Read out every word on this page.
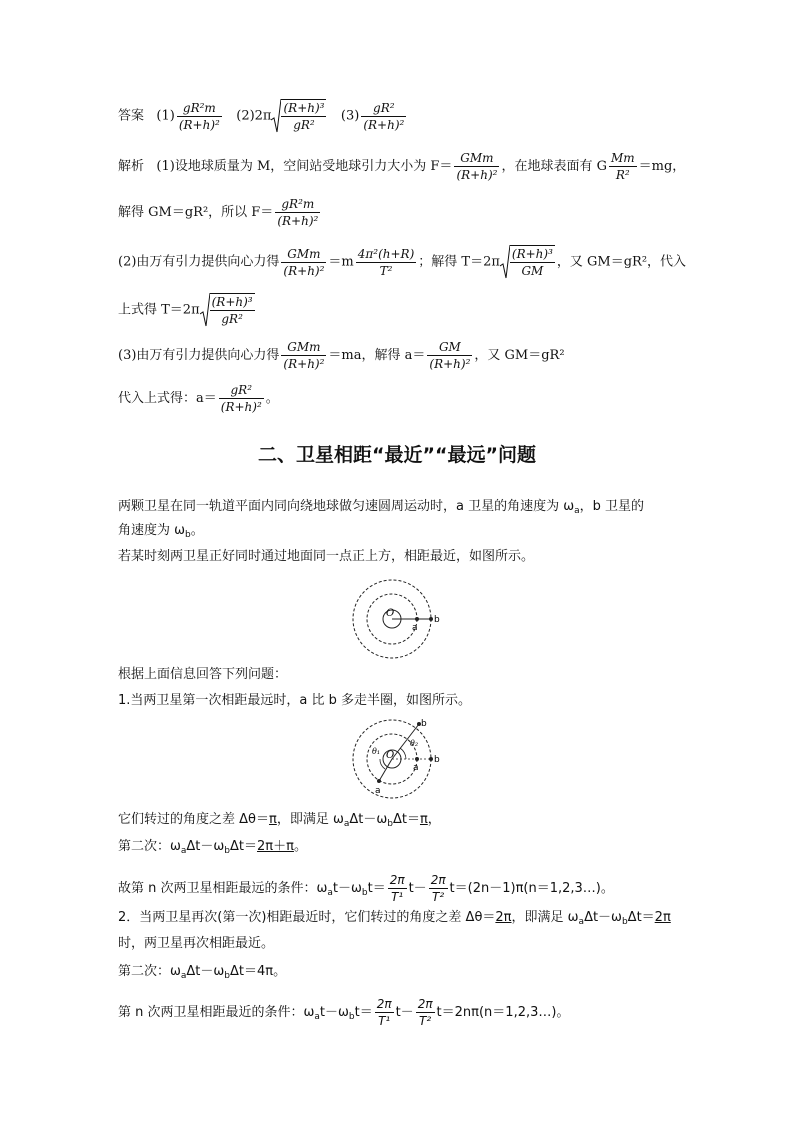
答案 $(1) \frac{\text{gR²m}}{\text{(R+h)²}} (2)2\pi \frac{\text{(R+h)³}}{\text{gR²}} (3) \frac{\text{gR²}}{\text{(R+h)²}}$
解析 (1)设地球质量为 M，空间站受地球引力大小为 F＝
GMm
(R+h)²
，在地球表面有 G $\frac{Mm}{\text{R²}} =mg$，
解得 GM＝gR²，所以 $F= \frac{\text{gR²m}}{\text{(R+h)²}}$
(2)由万有引力提供向心力得
GMm
(R+h)²
$=m \frac{\text{4π²(h+R)}}{\text{T²}}$ ；解得 $T=2\pi \frac{\text{(R+h)³}}{GM}$ ，又 GM＝gR²，代入
上式得 $T=2\pi \frac{\text{(R+h)³}}{\text{gR²}}$
(3)由万有引力提供向心力得
GMm
(R+h)²
＝ma，解得 $a= \frac{GM}{\text{(R+h)²}}$ ，又 GM＝gR²
代入上式得：$a= \frac{\text{gR²}}{\text{(R+h)²}}$ 。
二、卫星相距“最近”“最远”问题
两颗卫星在同一轨道平面内同向绕地球做匀速圆周运动时，a 卫星的角速度为 $\omega_a$，b 卫星的
角速度为 $\omega_b$。
若某时刻两卫星正好同时通过地面同一点正上方，相距最近，如图所示。
O
a
b
根据上面信息回答下列问题：
1.当两卫星第一次相距最远时，a 比 b 多走半圈，如图所示。
O
b
a
a
b
θ₁
θ₂
它们转过的角度之差 Δθ＝π，即满足 $\omega_a\Delta t-\omega_b\Delta t=\pi$，
第二次：$\omega_a\Delta t-\omega_b\Delta t=2\pi+\pi$。
故第 n 次两卫星相距最远的条件：$\omega_at-\omega_bt= \frac{2\pi}{\text{T¹}} t- \frac{2\pi}{\text{T²}}$ t＝(2n－1)π(n＝1,2,3…)。
2．当两卫星再次(第一次)相距最近时，它们转过的角度之差 Δθ＝2π，即满足 $\omega_a\Delta t-\omega_b\Delta t=2\pi$
时，两卫星再次相距最近。
第二次：$\omega_a\Delta t-\omega_b\Delta t=4\pi$。
第 n 次两卫星相距最近的条件：$\omega_at-\omega_bt= \frac{2\pi}{\text{T¹}} t- \frac{2\pi}{\text{T²}}$ t＝2nπ(n＝1,2,3…)。
